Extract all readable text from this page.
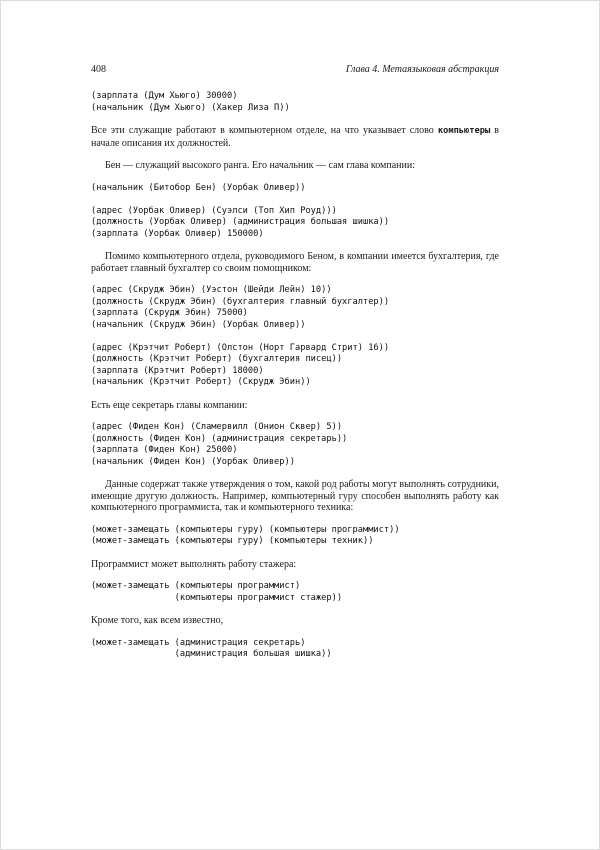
408	Глава 4. Метаязыковая абстракция
(зарплата (Дум Хьюго) 30000)
(начальник (Дум Хьюго) (Хакер Лиза П))

Все эти служащие работают в компьютерном отделе, на что указывает слово компьютеры в начале описания их должностей.

Бен — служащий высокого ранга. Его начальник — сам глава компании:

(начальник (Битобор Бен) (Уорбак Оливер))
(адрес (Уорбак Оливер) (Суэлси (Топ Хип Роуд)))
(должность (Уорбак Оливер) (администрация большая шишка))
(зарплата (Уорбак Оливер) 150000)

Помимо компьютерного отдела, руководимого Беном, в компании имеется бухгалтерия, где работает главный бухгалтер со своим помощником:

(адрес (Скрудж Эбин) (Уэстон (Шейди Лейн) 10))
(должность (Скрудж Эбин) (бухгалтерия главный бухгалтер))
(зарплата (Скрудж Эбин) 75000)
(начальник (Скрудж Эбин) (Уорбак Оливер))
(адрес (Крэтчит Роберт) (Олстон (Норт Гарвард Стрит) 16))
(должность (Крэтчит Роберт) (бухгалтерия писец))
(зарплата (Крэтчит Роберт) 18000)
(начальник (Крэтчит Роберт) (Скрудж Эбин))

Есть еще секретарь главы компании:

(адрес (Фиден Кон) (Сламервилл (Онион Сквер) 5))
(должность (Фиден Кон) (администрация секретарь))
(зарплата (Фиден Кон) 25000)
(начальник (Фиден Кон) (Уорбак Оливер))

Данные содержат также утверждения о том, какой род работы могут выполнять сотрудники, имеющие другую должность. Например, компьютерный гуру способен выполнять работу как компьютерного программиста, так и компьютерного техника:

(может-замещать (компьютеры гуру) (компьютеры программист))
(может-замещать (компьютеры гуру) (компьютеры техник))

Программист может выполнять работу стажера:

(может-замещать (компьютеры программист)
(компьютеры программист стажер))

Кроме того, как всем известно,

(может-замещать (администрация секретарь)
(администрация большая шишка))
